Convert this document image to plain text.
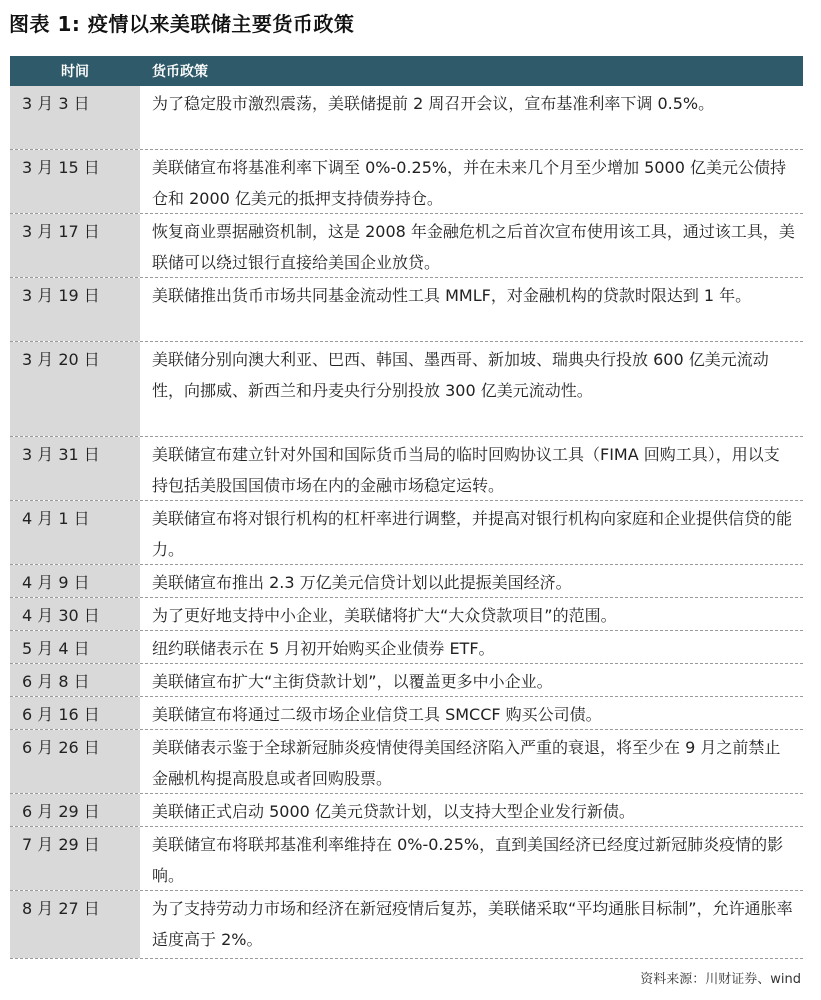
图表 1: 疫情以来美联储主要货币政策
时间	货币政策
3 月 3 日	为了稳定股市激烈震荡，美联储提前 2 周召开会议，宣布基准利率下调 0.5%。
3 月 15 日	美联储宣布将基准利率下调至 0%-0.25%，并在未来几个月至少增加 5000 亿美元公债持仓和 2000 亿美元的抵押支持债券持仓。
3 月 17 日	恢复商业票据融资机制，这是 2008 年金融危机之后首次宣布使用该工具，通过该工具，美联储可以绕过银行直接给美国企业放贷。
3 月 19 日	美联储推出货币市场共同基金流动性工具 MMLF，对金融机构的贷款时限达到 1 年。
3 月 20 日	美联储分别向澳大利亚、巴西、韩国、墨西哥、新加坡、瑞典央行投放 600 亿美元流动性，向挪威、新西兰和丹麦央行分别投放 300 亿美元流动性。
3 月 31 日	美联储宣布建立针对外国和国际货币当局的临时回购协议工具（FIMA 回购工具），用以支持包括美股国国债市场在内的金融市场稳定运转。
4 月 1 日	美联储宣布将对银行机构的杠杆率进行调整，并提高对银行机构向家庭和企业提供信贷的能力。
4 月 9 日	美联储宣布推出 2.3 万亿美元信贷计划以此提振美国经济。
4 月 30 日	为了更好地支持中小企业，美联储将扩大“大众贷款项目”的范围。
5 月 4 日	纽约联储表示在 5 月初开始购买企业债券 ETF。
6 月 8 日	美联储宣布扩大“主街贷款计划”，以覆盖更多中小企业。
6 月 16 日	美联储宣布将通过二级市场企业信贷工具 SMCCF 购买公司债。
6 月 26 日	美联储表示鉴于全球新冠肺炎疫情使得美国经济陷入严重的衰退，将至少在 9 月之前禁止金融机构提高股息或者回购股票。
6 月 29 日	美联储正式启动 5000 亿美元贷款计划，以支持大型企业发行新债。
7 月 29 日	美联储宣布将联邦基准利率维持在 0%-0.25%，直到美国经济已经度过新冠肺炎疫情的影响。
8 月 27 日	为了支持劳动力市场和经济在新冠疫情后复苏，美联储采取“平均通胀目标制”，允许通胀率适度高于 2%。
资料来源：川财证券、wind
